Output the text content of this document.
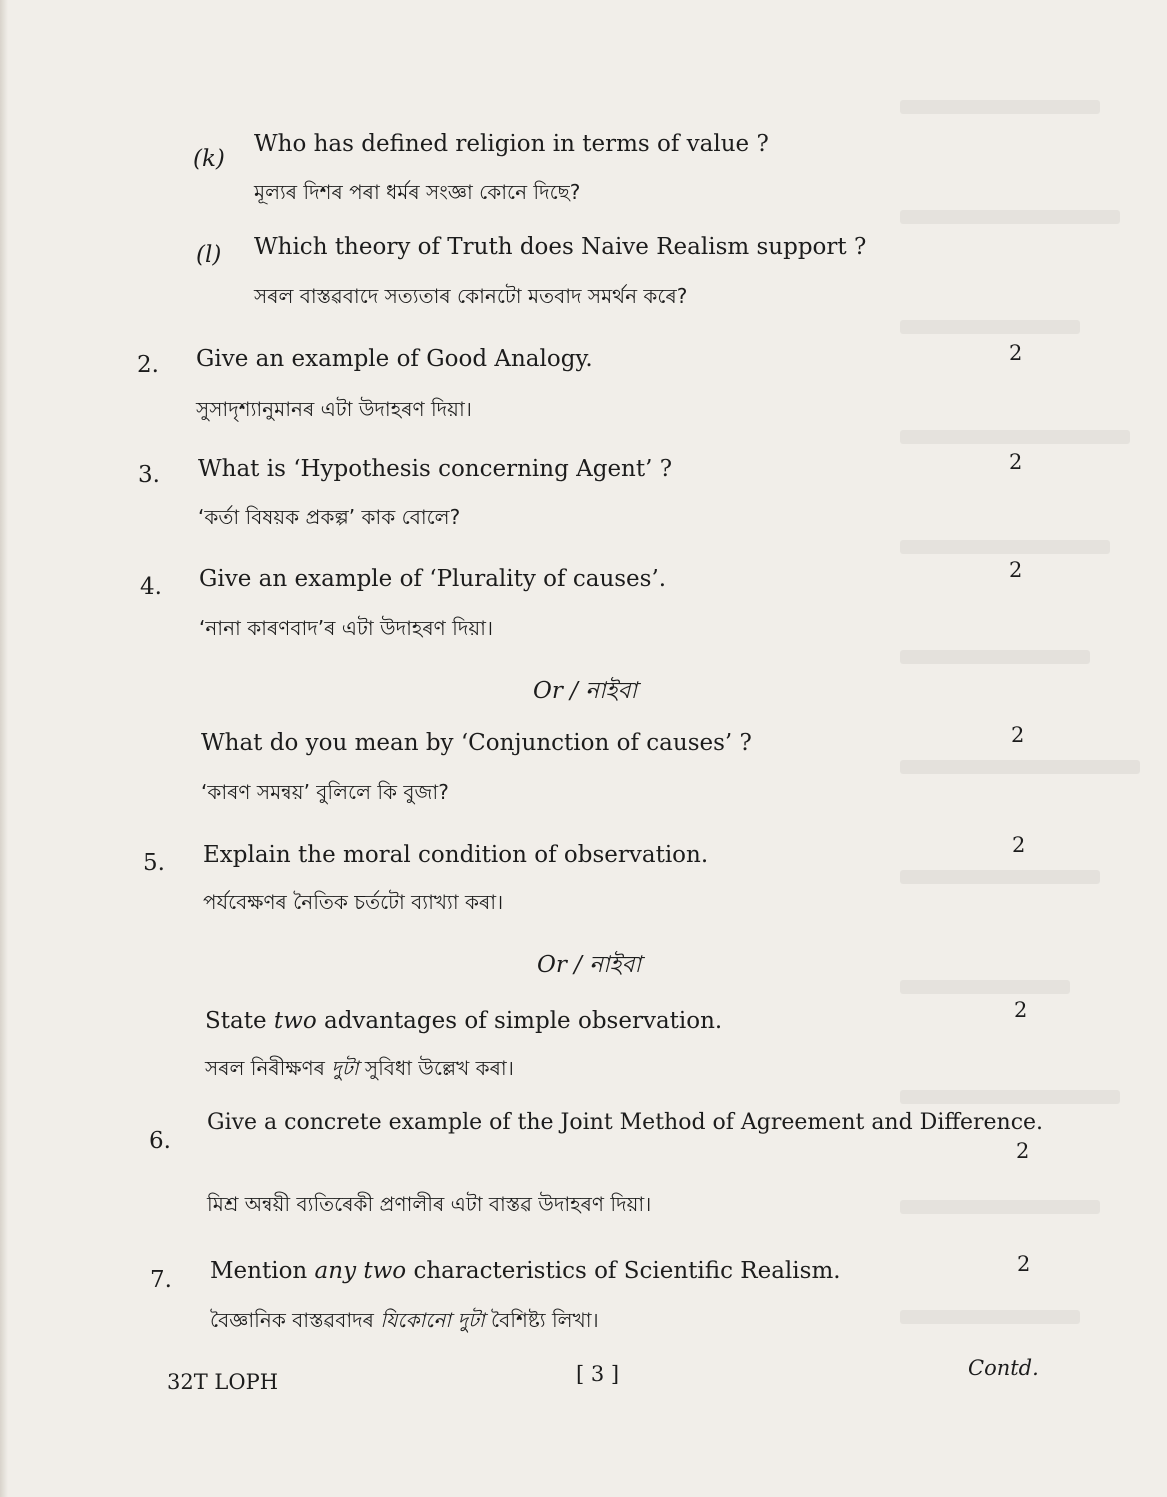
(k)
Who has defined religion in terms of value ?
মূল্যৰ দিশৰ পৰা ধৰ্মৰ সংজ্ঞা কোনে দিছে?
(l) Which theory of Truth does Naive Realism support ?
সৰল বাস্তৱবাদে সত্যতাৰ কোনটো মতবাদ সমৰ্থন কৰে?
2. Give an example of Good Analogy.
সুসাদৃশ্যানুমানৰ এটা উদাহৰণ দিয়া।
2
3. What is ‘Hypothesis concerning Agent’ ?
‘কৰ্তা বিষয়ক প্ৰকল্প’ কাক বোলে?
2
4. Give an example of ‘Plurality of causes’.
‘নানা কাৰণবাদ’ৰ এটা উদাহৰণ দিয়া।
2
Or / নাইবা
What do you mean by ‘Conjunction of causes’ ?
‘কাৰণ সমন্বয়’ বুলিলে কি বুজা?
2
5. Explain the moral condition of observation.
পৰ্যবেক্ষণৰ নৈতিক চৰ্তটো ব্যাখ্যা কৰা।
2
Or / নাইবা
State two advantages of simple observation.
সৰল নিৰীক্ষণৰ দুটা সুবিধা উল্লেখ কৰা।
2
6.
Give a concrete example of the Joint Method of Agreement and Difference.
2
মিশ্ৰ অন্বয়ী ব্যতিৰেকী প্ৰণালীৰ এটা বাস্তৱ উদাহৰণ দিয়া।
7. Mention any two characteristics of Scientific Realism.
বৈজ্ঞানিক বাস্তৱবাদৰ যিকোনো দুটা বৈশিষ্ট্য লিখা।
2
32T LOPH	[ 3 ]	Contd.
